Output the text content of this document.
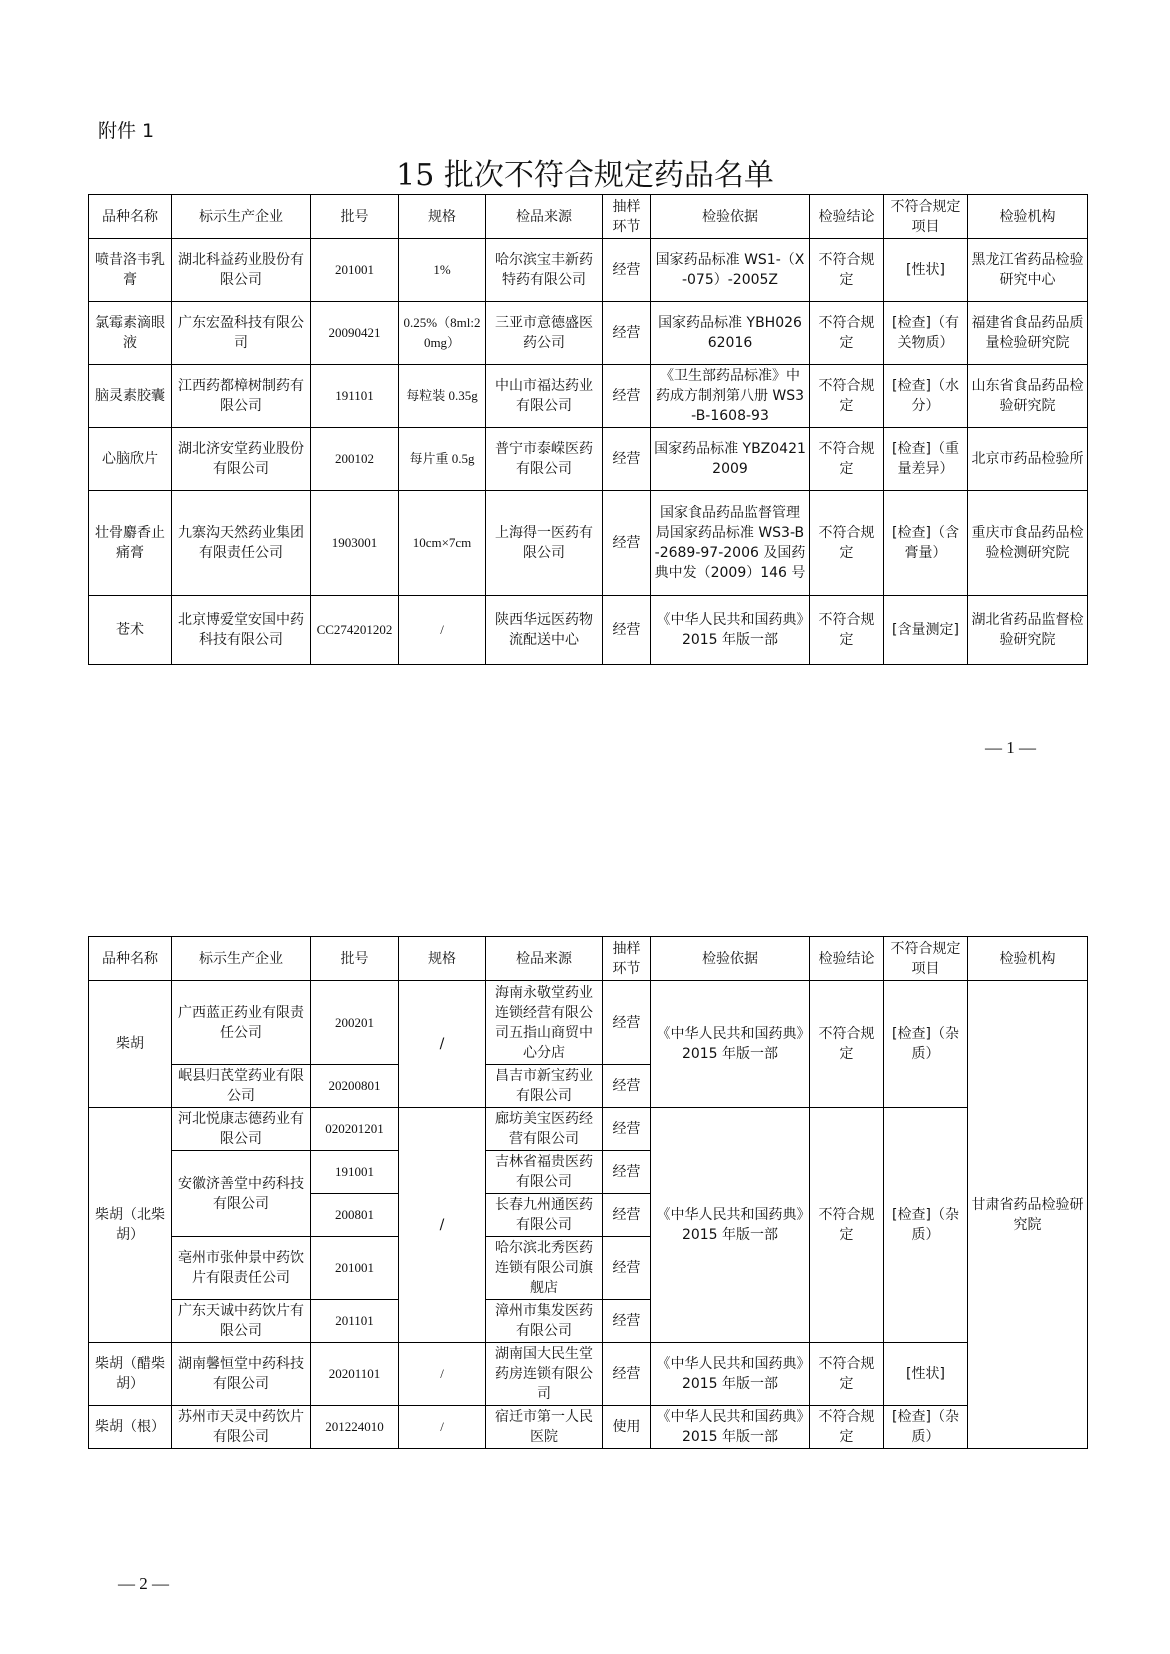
附件 1
15 批次不符合规定药品名单
品种名称	标示生产企业	批号	规格	检品来源	抽样环节	检验依据	检验结论	不符合规定项目	检验机构
喷昔洛韦乳膏	湖北科益药业股份有限公司	201001	1%	哈尔滨宝丰新药特药有限公司	经营	国家药品标准 WS1-（X-075）-2005Z	不符合规定	[性状]	黑龙江省药品检验研究中心
氯霉素滴眼液	广东宏盈科技有限公司	20090421	0.25%（8ml:20mg）	三亚市意德盛医药公司	经营	国家药品标准 YBH02662016	不符合规定	[检查]（有关物质）	福建省食品药品质量检验研究院
脑灵素胶囊	江西药都樟树制药有限公司	191101	每粒装 0.35g	中山市福达药业有限公司	经营	《卫生部药品标准》中药成方制剂第八册 WS3-B-1608-93	不符合规定	[检查]（水分）	山东省食品药品检验研究院
心脑欣片	湖北济安堂药业股份有限公司	200102	每片重 0.5g	普宁市泰嵘医药有限公司	经营	国家药品标准 YBZ04212009	不符合规定	[检查]（重量差异）	北京市药品检验所
壮骨麝香止痛膏	九寨沟天然药业集团有限责任公司	1903001	10cm×7cm	上海得一医药有限公司	经营	国家食品药品监督管理局国家药品标准 WS3-B-2689-97-2006 及国药典中发（2009）146 号	不符合规定	[检查]（含膏量）	重庆市食品药品检验检测研究院
苍术	北京博爱堂安国中药科技有限公司	CC274201202	/	陕西华远医药物流配送中心	经营	《中华人民共和国药典》2015 年版一部	不符合规定	[含量测定]	湖北省药品监督检验研究院
— 1 —
品种名称	标示生产企业	批号	规格	检品来源	抽样环节	检验依据	检验结论	不符合规定项目	检验机构
柴胡	广西蓝正药业有限责任公司	200201	/	海南永敬堂药业连锁经营有限公司五指山商贸中心分店	经营	《中华人民共和国药典》2015 年版一部	不符合规定	[检查]（杂质）	甘肃省药品检验研究院
	岷县归芪堂药业有限公司	20200801		昌吉市新宝药业有限公司	经营				
柴胡（北柴胡）	河北悦康志德药业有限公司	020201201	/	廊坊美宝医药经营有限公司	经营	《中华人民共和国药典》2015 年版一部	不符合规定	[检查]（杂质）	
	安徽济善堂中药科技有限公司	191001		吉林省福贵医药有限公司	经营				
		200801		长春九州通医药有限公司	经营				
	亳州市张仲景中药饮片有限责任公司	201001		哈尔滨北秀医药连锁有限公司旗舰店	经营				
	广东天诚中药饮片有限公司	201101		漳州市集发医药有限公司	经营				
柴胡（醋柴胡）	湖南馨恒堂中药科技有限公司	20201101	/	湖南国大民生堂药房连锁有限公司	经营	《中华人民共和国药典》2015 年版一部	不符合规定	[性状]	
柴胡（根）	苏州市天灵中药饮片有限公司	201224010	/	宿迁市第一人民医院	使用	《中华人民共和国药典》2015 年版一部	不符合规定	[检查]（杂质）	
— 2 —
